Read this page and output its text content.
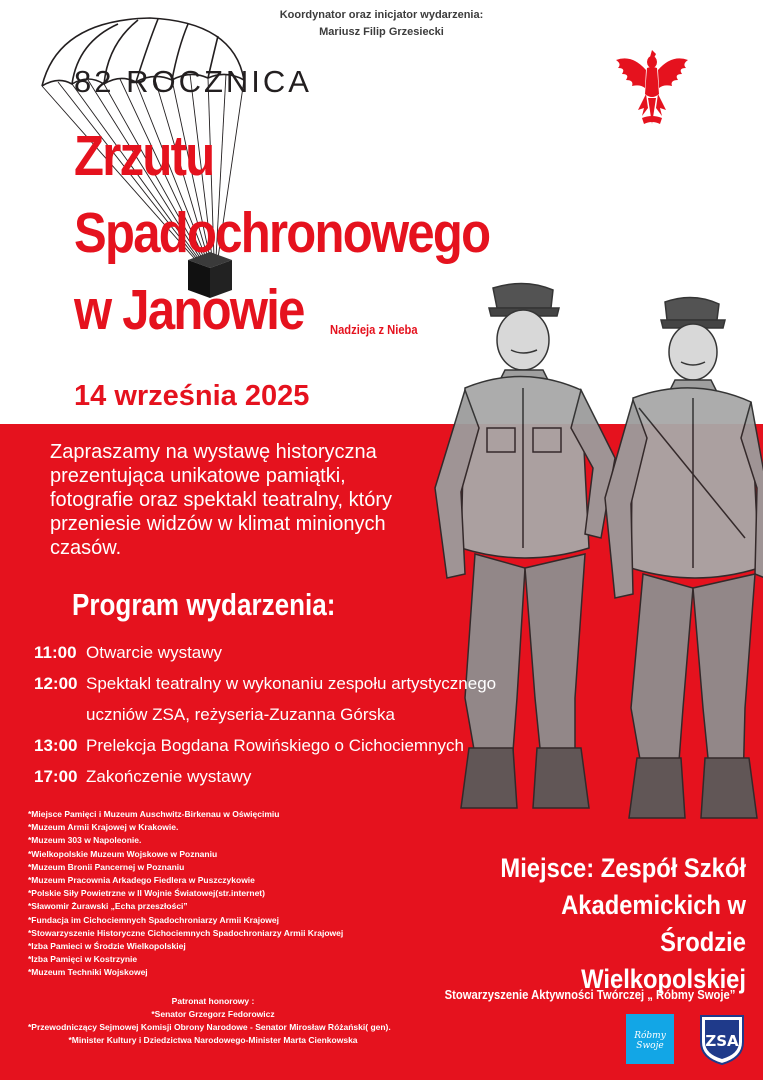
Koordynator oraz inicjator wydarzenia:
Mariusz Filip Grzesiecki
82 ROCZNICA
Zrzutu
Spadochronowego
w Janowie Nadzieja z Nieba
14 września 2025
Zapraszamy na wystawę historyczna prezentująca unikatowe pamiątki, fotografie oraz spektakl teatralny, który przeniesie widzów w klimat minionych czasów.
Program wydarzenia:
11:00 Otwarcie wystawy
12:00 Spektakl teatralny w wykonaniu zespołu artystycznego
uczniów ZSA, reżyseria-Zuzanna Górska
13:00 Prelekcja Bogdana Rowińskiego o Cichociemnych
17:00 Zakończenie wystawy
*Miejsce Pamięci i Muzeum Auschwitz-Birkenau w Oświęcimiu
*Muzeum Armii Krajowej w Krakowie.
*Muzeum 303 w Napoleonie.
*Wielkopolskie Muzeum Wojskowe w Poznaniu
*Muzeum Bronii Pancernej w Poznaniu
*Muzeum Pracownia Arkadego Fiedlera w Puszczykowie
*Polskie Siły Powietrzne w II Wojnie Światowej(str.internet)
*Sławomir Żurawski „Echa przeszłości”
*Fundacja im Cichociemnych Spadochroniarzy Armii Krajowej
*Stowarzyszenie Historyczne Cichociemnych Spadochroniarzy Armii Krajowej
*Izba Pamieci w Środzie Wielkopolskiej
*Izba Pamięci w Kostrzynie
*Muzeum Techniki Wojskowej
Patronat honorowy :
*Senator Grzegorz Fedorowicz
*Przewodniczący Sejmowej Komisji Obrony Narodowe - Senator Mirosław Różański( gen).
*Minister Kultury i Dziedzictwa Narodowego-Minister Marta Cienkowska
Miejsce: Zespół Szkół
Akademickich w Środzie
Wielkopolskiej
Stowarzyszenie Aktywności Twórczej „ Róbmy Swoje”
Róbmy Swoje	ZSA
